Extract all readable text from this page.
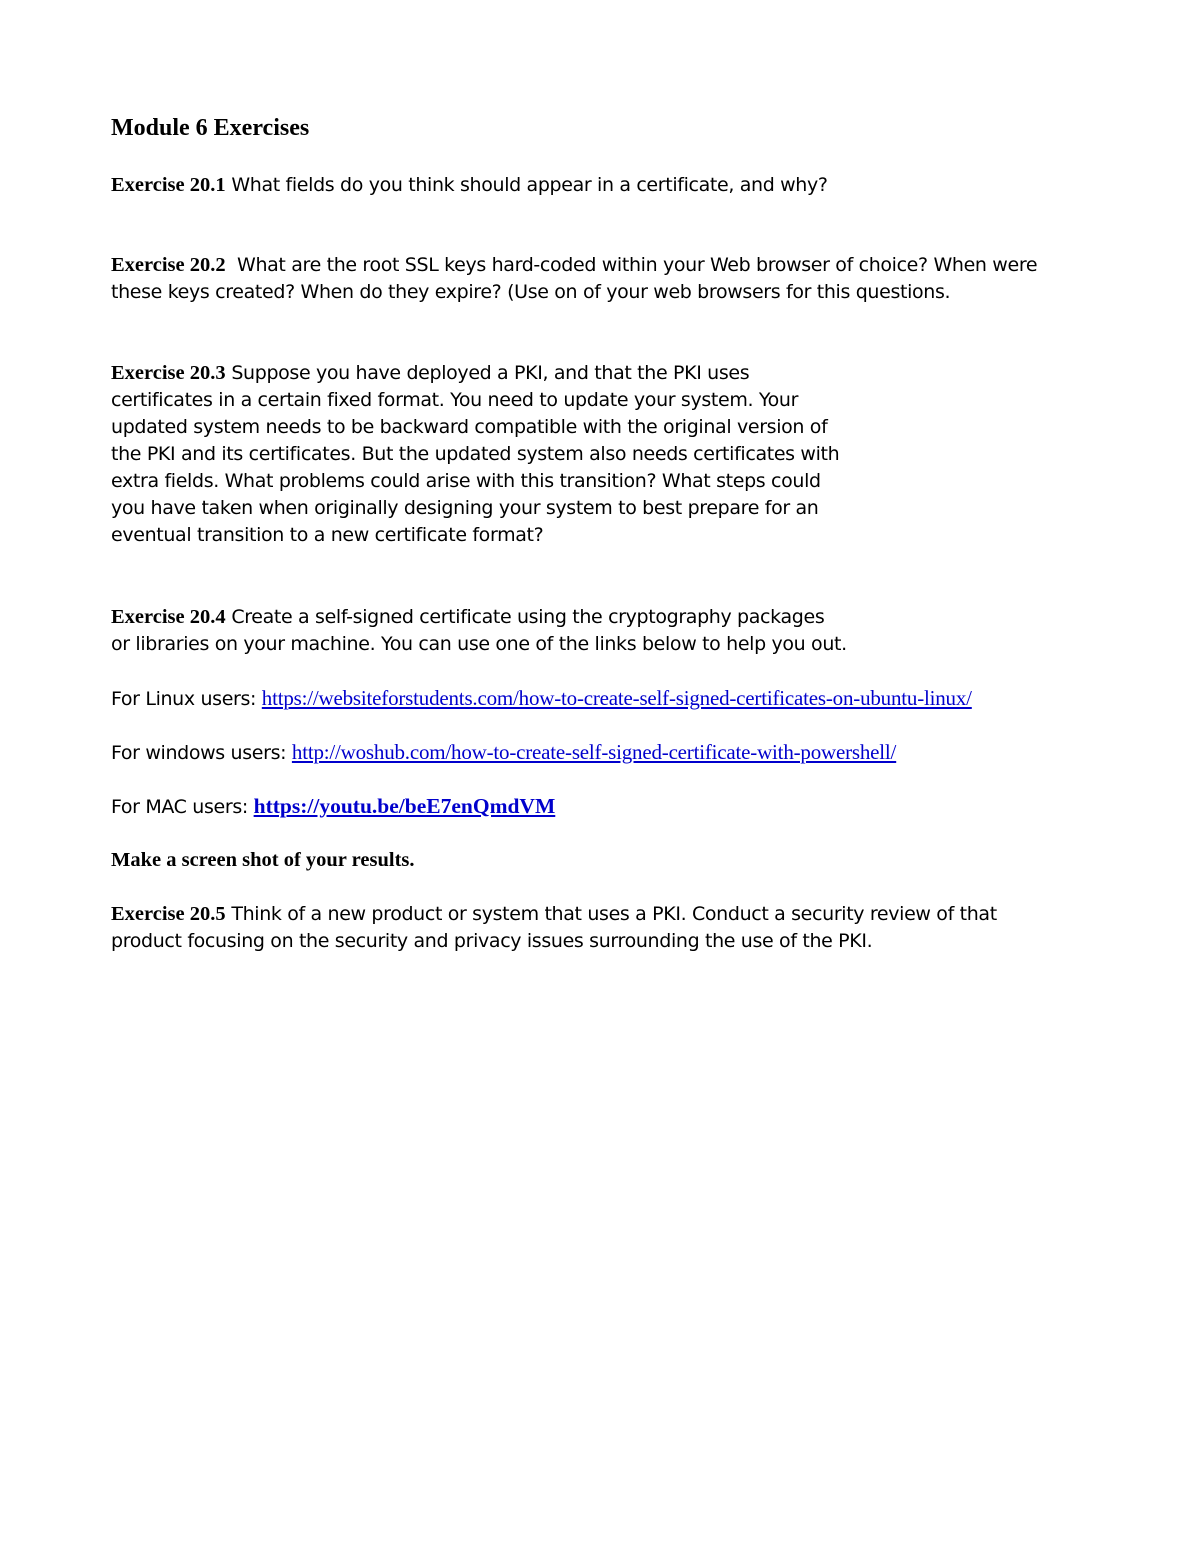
Module 6 Exercises
Exercise 20.1 What fields do you think should appear in a certificate, and why?
Exercise 20.2 What are the root SSL keys hard-coded within your Web browser of choice? When were
these keys created? When do they expire? (Use on of your web browsers for this questions.
Exercise 20.3 Suppose you have deployed a PKI, and that the PKI uses
certificates in a certain fixed format. You need to update your system. Your
updated system needs to be backward compatible with the original version of
the PKI and its certificates. But the updated system also needs certificates with
extra fields. What problems could arise with this transition? What steps could
you have taken when originally designing your system to best prepare for an
eventual transition to a new certificate format?
Exercise 20.4 Create a self-signed certificate using the cryptography packages
or libraries on your machine. You can use one of the links below to help you out.
For Linux users: https://websiteforstudents.com/how-to-create-self-signed-certificates-on-ubuntu-linux/
For windows users: http://woshub.com/how-to-create-self-signed-certificate-with-powershell/
For MAC users: https://youtu.be/beE7enQmdVM
Make a screen shot of your results.
Exercise 20.5 Think of a new product or system that uses a PKI. Conduct a security review of that
product focusing on the security and privacy issues surrounding the use of the PKI.
